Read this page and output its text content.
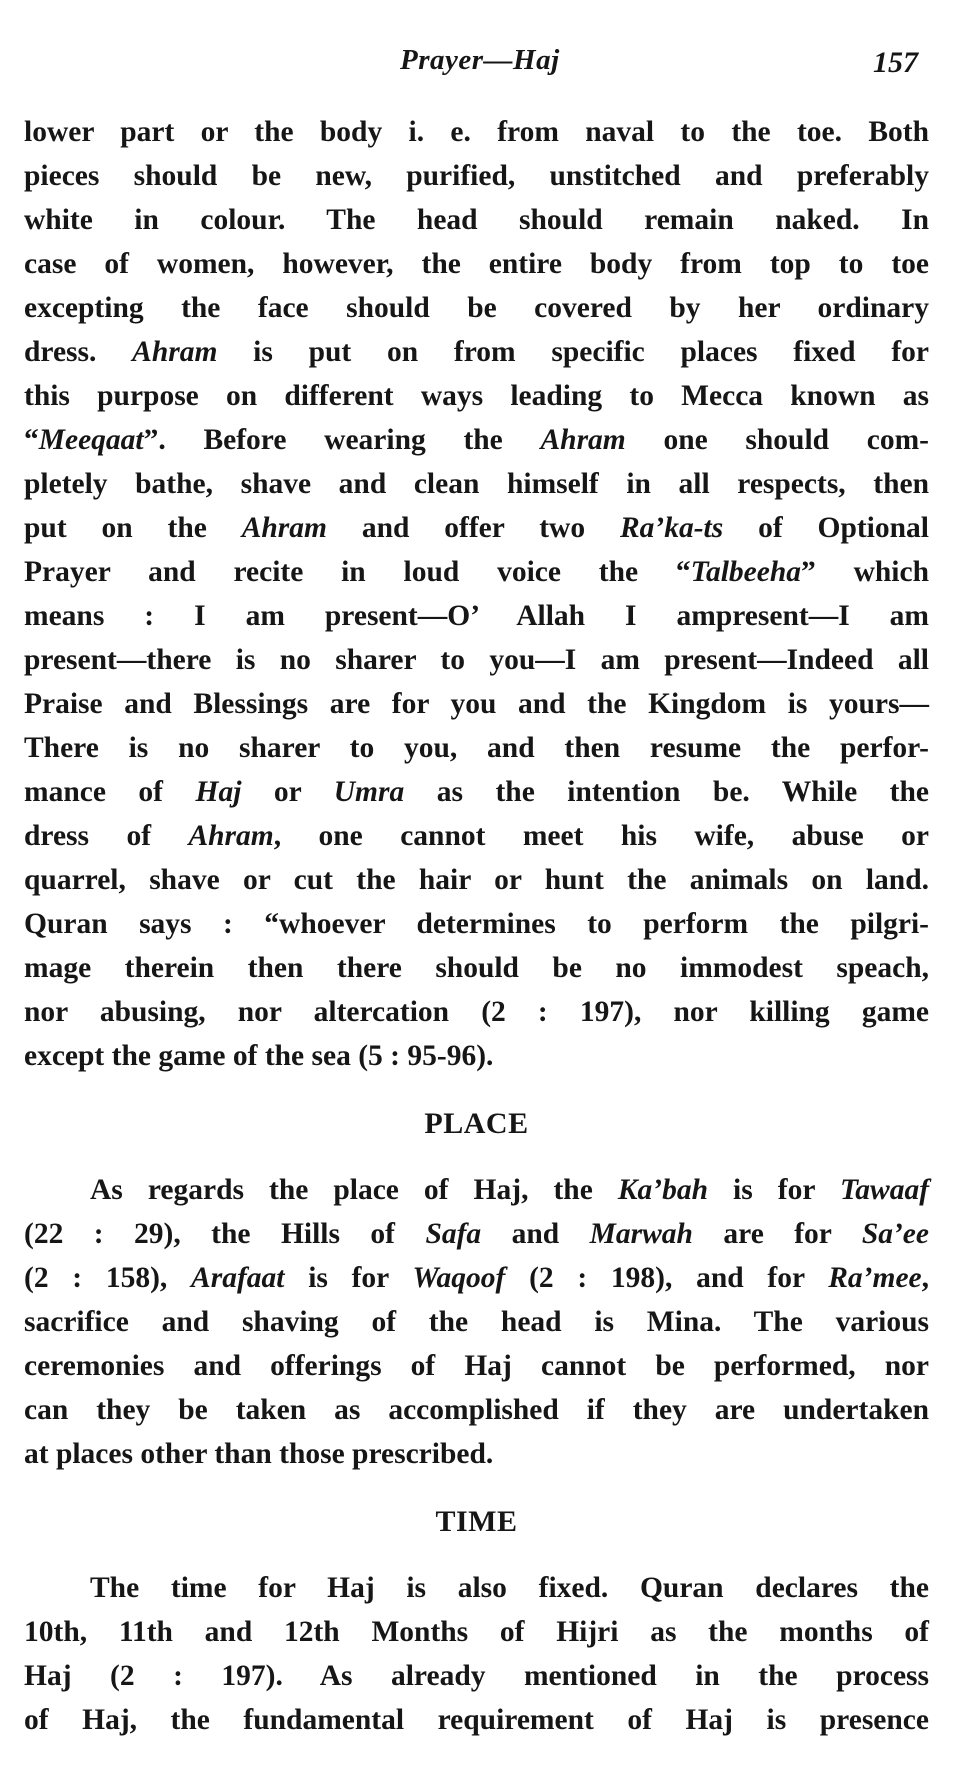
Prayer—Haj	157
lower part or the body i. e. from naval to the toe. Both
pieces should be new, purified, unstitched and preferably
white in colour. The head should remain naked. In
case of women, however, the entire body from top to toe
excepting the face should be covered by her ordinary
dress. Ahram is put on from specific places fixed for
this purpose on different ways leading to Mecca known as
“Meeqaat”. Before wearing the Ahram one should com-
pletely bathe, shave and clean himself in all respects, then
put on the Ahram and offer two Ra’ka-ts of Optional
Prayer and recite in loud voice the “Talbeeha” which
means : I am present—O’ Allah I ampresent—I am
present—there is no sharer to you—I am present—Indeed all
Praise and Blessings are for you and the Kingdom is yours—
There is no sharer to you, and then resume the perfor-
mance of Haj or Umra as the intention be. While the
dress of Ahram, one cannot meet his wife, abuse or
quarrel, shave or cut the hair or hunt the animals on land.
Quran says : “whoever determines to perform the pilgri-
mage therein then there should be no immodest speach,
nor abusing, nor altercation (2 : 197), nor killing game
except the game of the sea (5 : 95-96).
PLACE
As regards the place of Haj, the Ka’bah is for Tawaaf
(22 : 29), the Hills of Safa and Marwah are for Sa’ee
(2 : 158), Arafaat is for Waqoof (2 : 198), and for Ra’mee,
sacrifice and shaving of the head is Mina. The various
ceremonies and offerings of Haj cannot be performed, nor
can they be taken as accomplished if they are undertaken
at places other than those prescribed.
TIME
The time for Haj is also fixed. Quran declares the
10th, 11th and 12th Months of Hijri as the months of
Haj (2 : 197). As already mentioned in the process
of Haj, the fundamental requirement of Haj is presence
